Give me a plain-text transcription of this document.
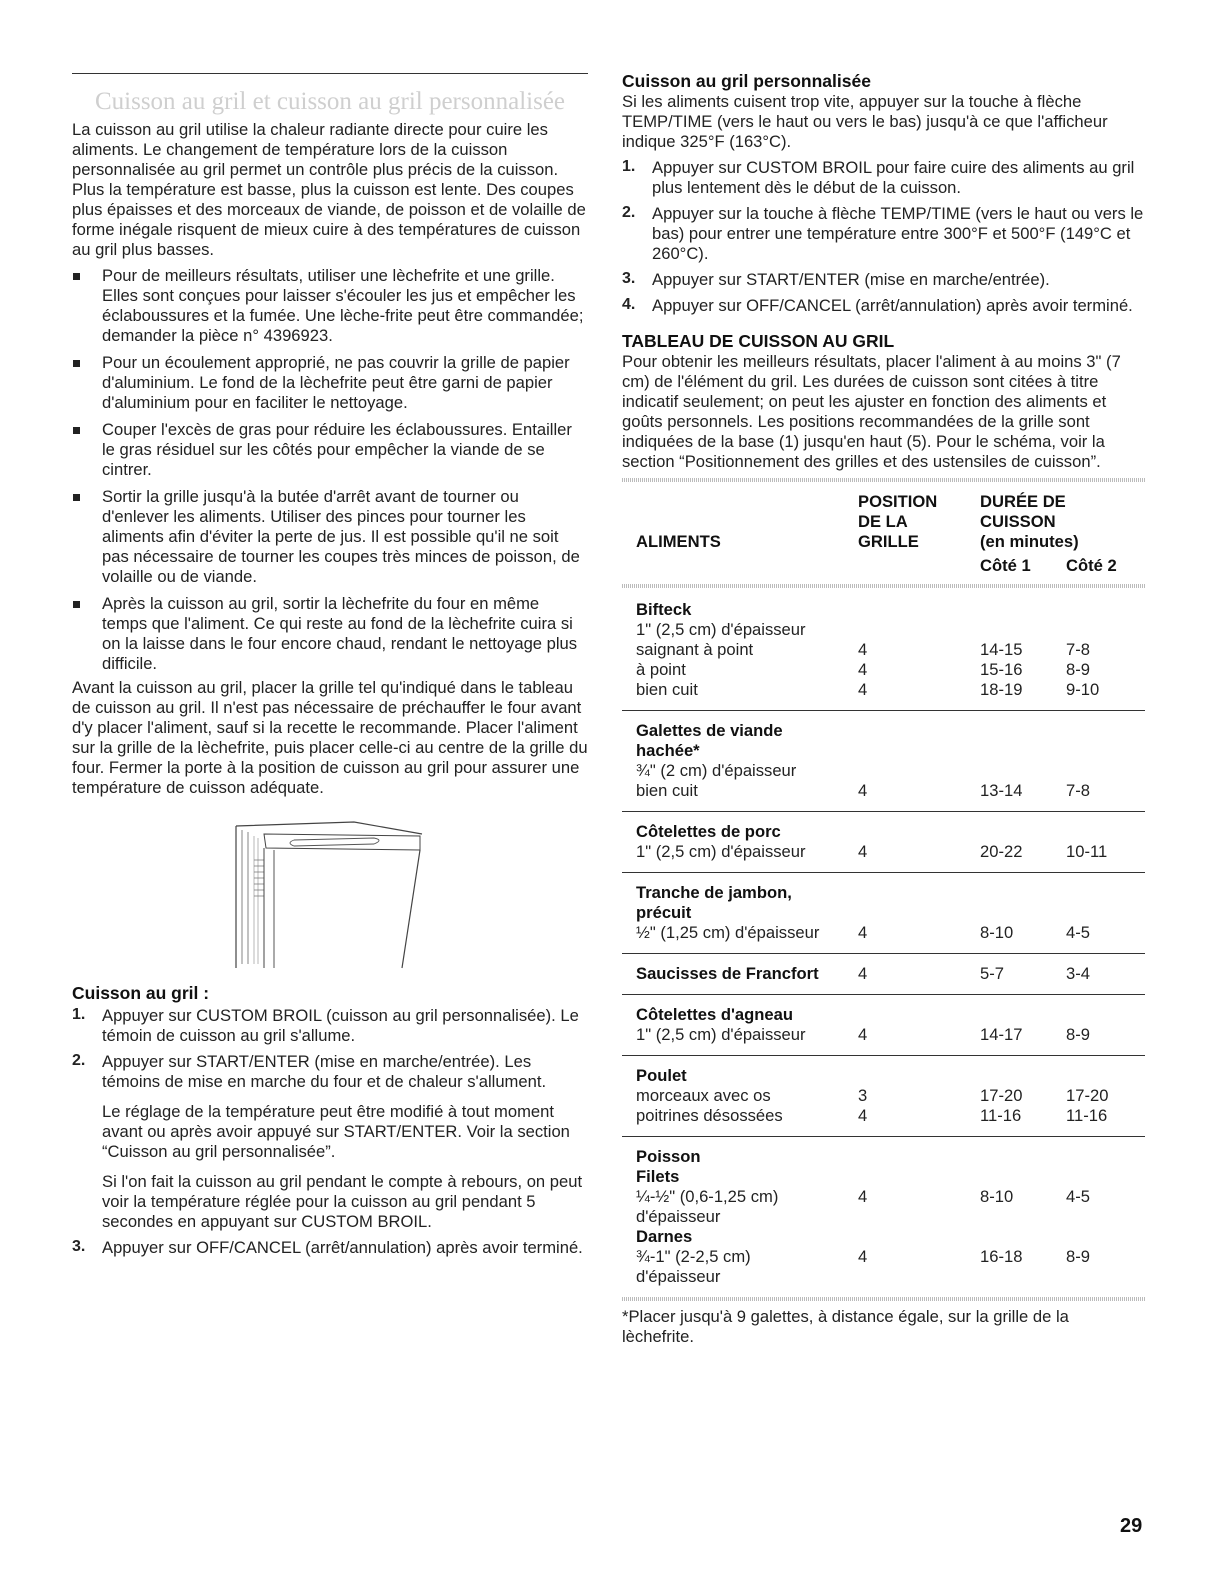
Cuisson au gril et cuisson au gril personnalisée

La cuisson au gril utilise la chaleur radiante directe pour cuire les aliments. Le changement de température lors de la cuisson personnalisée au gril permet un contrôle plus précis de la cuisson. Plus la température est basse, plus la cuisson est lente. Des coupes plus épaisses et des morceaux de viande, de poisson et de volaille de forme inégale risquent de mieux cuire à des températures de cuisson au gril plus basses.

Pour de meilleurs résultats, utiliser une lèchefrite et une grille. Elles sont conçues pour laisser s'écouler les jus et empêcher les éclaboussures et la fumée. Une lèche-frite peut être commandée; demander la pièce n° 4396923.

Pour un écoulement approprié, ne pas couvrir la grille de papier d'aluminium. Le fond de la lèchefrite peut être garni de papier d'aluminium pour en faciliter le nettoyage.

Couper l'excès de gras pour réduire les éclaboussures. Entailler le gras résiduel sur les côtés pour empêcher la viande de se cintrer.

Sortir la grille jusqu'à la butée d'arrêt avant de tourner ou d'enlever les aliments. Utiliser des pinces pour tourner les aliments afin d'éviter la perte de jus. Il est possible qu'il ne soit pas nécessaire de tourner les coupes très minces de poisson, de volaille ou de viande.

Après la cuisson au gril, sortir la lèchefrite du four en même temps que l'aliment. Ce qui reste au fond de la lèchefrite cuira si on la laisse dans le four encore chaud, rendant le nettoyage plus difficile.

Avant la cuisson au gril, placer la grille tel qu'indiqué dans le tableau de cuisson au gril. Il n'est pas nécessaire de préchauffer le four avant d'y placer l'aliment, sauf si la recette le recommande. Placer l'aliment sur la grille de la lèchefrite, puis placer celle-ci au centre de la grille du four. Fermer la porte à la position de cuisson au gril pour assurer une température de cuisson adéquate.

Cuisson au gril :
1. Appuyer sur CUSTOM BROIL (cuisson au gril personnalisée). Le témoin de cuisson au gril s'allume.

2. Appuyer sur START/ENTER (mise en marche/entrée). Les témoins de mise en marche du four et de chaleur s'allument.

Le réglage de la température peut être modifié à tout moment avant ou après avoir appuyé sur START/ENTER. Voir la section “Cuisson au gril personnalisée”.

Si l'on fait la cuisson au gril pendant le compte à rebours, on peut voir la température réglée pour la cuisson au gril pendant 5 secondes en appuyant sur CUSTOM BROIL.

3. Appuyer sur OFF/CANCEL (arrêt/annulation) après avoir terminé.

Cuisson au gril personnalisée

Si les aliments cuisent trop vite, appuyer sur la touche à flèche TEMP/TIME (vers le haut ou vers le bas) jusqu'à ce que l'afficheur indique 325°F (163°C).

1. Appuyer sur CUSTOM BROIL pour faire cuire des aliments au gril plus lentement dès le début de la cuisson.

2. Appuyer sur la touche à flèche TEMP/TIME (vers le haut ou vers le bas) pour entrer une température entre 300°F et 500°F (149°C et 260°C).

3. Appuyer sur START/ENTER (mise en marche/entrée).

4. Appuyer sur OFF/CANCEL (arrêt/annulation) après avoir terminé.

TABLEAU DE CUISSON AU GRIL

Pour obtenir les meilleurs résultats, placer l'aliment à au moins 3" (7 cm) de l'élément du gril. Les durées de cuisson sont citées à titre indicatif seulement; on peut les ajuster en fonction des aliments et goûts personnels. Les positions recommandées de la grille sont indiquées de la base (1) jusqu'en haut (5). Pour le schéma, voir la section “Positionnement des grilles et des ustensiles de cuisson”.

	POSITION	DURÉE DE	
	DE LA	CUISSON	
ALIMENTS	GRILLE	(en minutes)	
		Côté 1	Côté 2

Bifteck			
1" (2,5 cm) d'épaisseur			
saignant à point	4	14-15	7-8
à point	4	15-16	8-9
bien cuit	4	18-19	9-10

Galettes de viande			
hachée*			
¾" (2 cm) d'épaisseur			
bien cuit	4	13-14	7-8

Côtelettes de porc			
1" (2,5 cm) d'épaisseur	4	20-22	10-11

Tranche de jambon,			
précuit			
½" (1,25 cm) d'épaisseur	4	8-10	4-5

Saucisses de Francfort	4	5-7	3-4

Côtelettes d'agneau			
1" (2,5 cm) d'épaisseur	4	14-17	8-9

Poulet			
morceaux avec os	3	17-20	17-20
poitrines désossées	4	11-16	11-16

Poisson			
Filets			
¼-½" (0,6-1,25 cm)	4	8-10	4-5
d'épaisseur			
Darnes			
¾-1" (2-2,5 cm)	4	16-18	8-9
d'épaisseur			

*Placer jusqu'à 9 galettes, à distance égale, sur la grille de la lèchefrite.

29
